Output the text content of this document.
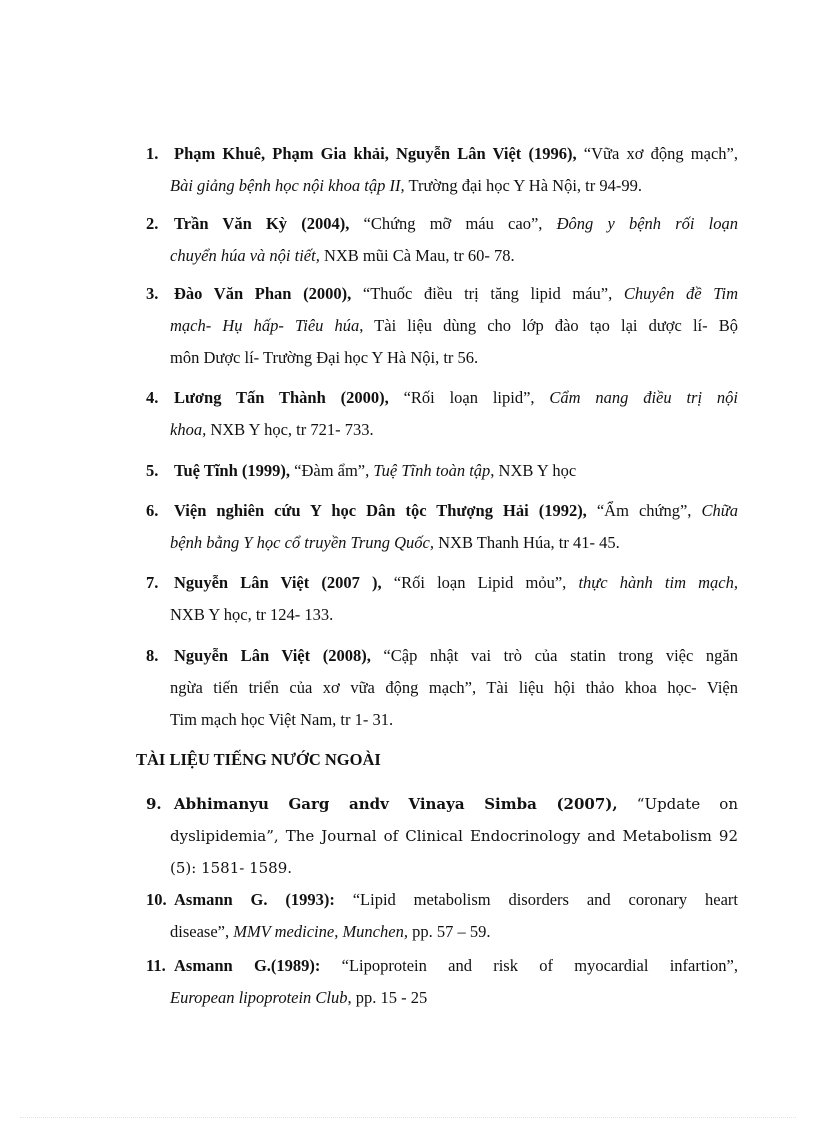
1. Phạm Khuê, Phạm Gia khải, Nguyễn Lân Việt (1996), “Vữa xơ động mạch”,
Bài giảng bệnh học nội khoa tập II, Trường đại học Y Hà Nội, tr 94-99.
2. Trần Văn Kỳ (2004), “Chứng mỡ máu cao”, Đông y bệnh rối loạn
chuyển húa và nội tiết, NXB mũi Cà Mau, tr 60- 78.
3. Đào Văn Phan (2000), “Thuốc điều trị tăng lipid máu”, Chuyên đề Tim
mạch- Hụ hấp- Tiêu húa, Tài liệu dùng cho lớp đào tạo lại dược lí- Bộ
môn Dược lí- Trường Đại học Y Hà Nội, tr 56.
4. Lương Tấn Thành (2000), “Rối loạn lipid”, Cẩm nang điều trị nội
khoa, NXB Y học, tr 721- 733.
5. Tuệ Tĩnh (1999), “Đàm ẩm”, Tuệ Tĩnh toàn tập, NXB Y học
6. Viện nghiên cứu Y học Dân tộc Thượng Hải (1992), “Ẩm chứng”, Chữa
bệnh bằng Y học cổ truyền Trung Quốc, NXB Thanh Húa, tr 41- 45.
7. Nguyễn Lân Việt (2007 ), “Rối loạn Lipid mỏu”, thực hành tim mạch,
NXB Y học, tr 124- 133.
8. Nguyễn Lân Việt (2008), “Cập nhật vai trò của statin trong việc ngăn
ngừa tiến triển của xơ vữa động mạch”, Tài liệu hội thảo khoa học- Viện
Tim mạch học Việt Nam, tr 1- 31.
TÀI LIỆU TIẾNG NƯỚC NGOÀI
9. Abhimanyu Garg andv Vinaya Simba (2007), “Update on
dyslipidemia”, The Journal of Clinical Endocrinology and Metabolism 92
(5): 1581- 1589.
10. Asmann G. (1993): “Lipid metabolism disorders and coronary heart
disease”, MMV medicine, Munchen, pp. 57 – 59.
11. Asmann G.(1989): “Lipoprotein and risk of myocardial infartion”,
European lipoprotein Club, pp. 15 - 25
